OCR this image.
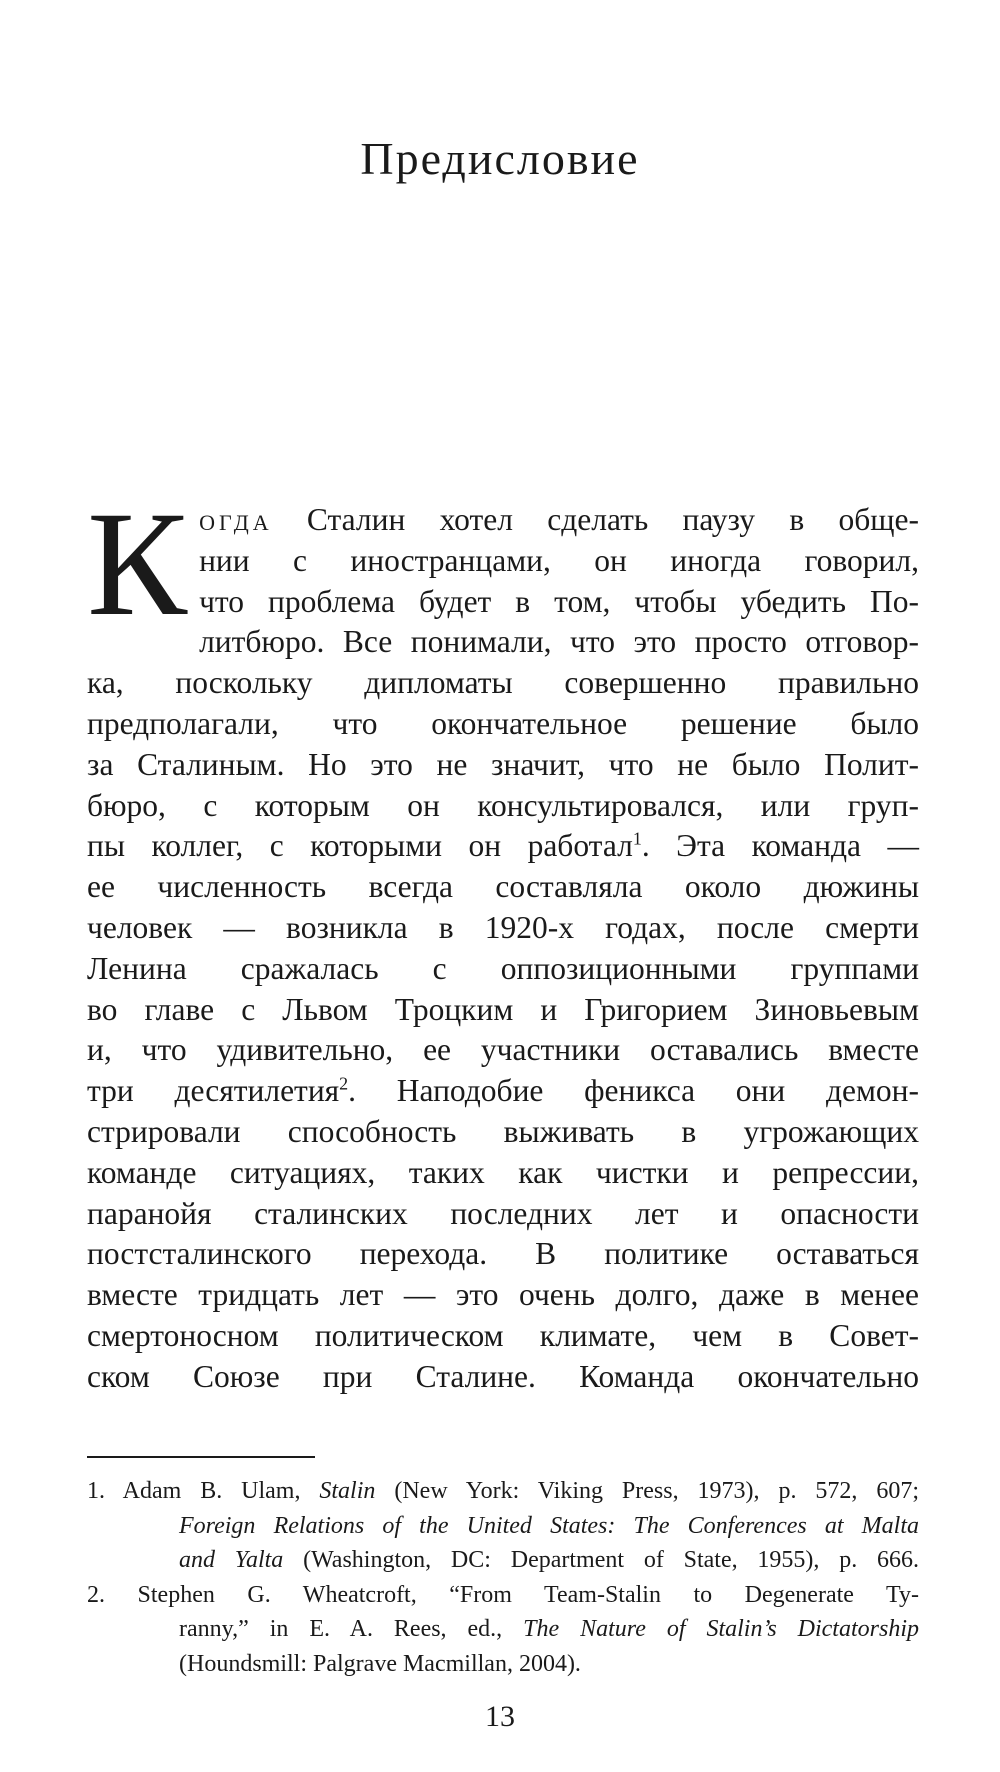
Предисловие
К огда Сталин хотел сделать паузу в обще-
нии с иностранцами, он иногда говорил,
что проблема будет в том, чтобы убедить По-
литбюро. Все понимали, что это просто отговор-
ка, поскольку дипломаты совершенно правильно
предполагали, что окончательное решение было
за Сталиным. Но это не значит, что не было Полит-
бюро, с которым он консультировался, или груп-
пы коллег, с которыми он работал$^1$. Эта команда —
ее численность всегда составляла около дюжины
человек — возникла в 1920-х годах, после смерти
Ленина сражалась с оппозиционными группами
во главе с Львом Троцким и Григорием Зиновьевым
и, что удивительно, ее участники оставались вместе
три десятилетия$^2$. Наподобие феникса они демон-
стрировали способность выживать в угрожающих
команде ситуациях, таких как чистки и репрессии,
паранойя сталинских последних лет и опасности
постсталинского перехода. В политике оставаться
вместе тридцать лет — это очень долго, даже в менее
смертоносном политическом климате, чем в Совет-
ском Союзе при Сталине. Команда окончательно
1. Adam B. Ulam, Stalin (New York: Viking Press, 1973), p. 572, 607;
Foreign Relations of the United States: The Conferences at Malta
and Yalta (Washington, DC: Department of State, 1955), p. 666.
2. Stephen G. Wheatcroft, “From Team-Stalin to Degenerate Ty-
ranny,” in E. A. Rees, ed., The Nature of Stalin’s Dictatorship
(Houndsmill: Palgrave Macmillan, 2004).
13
